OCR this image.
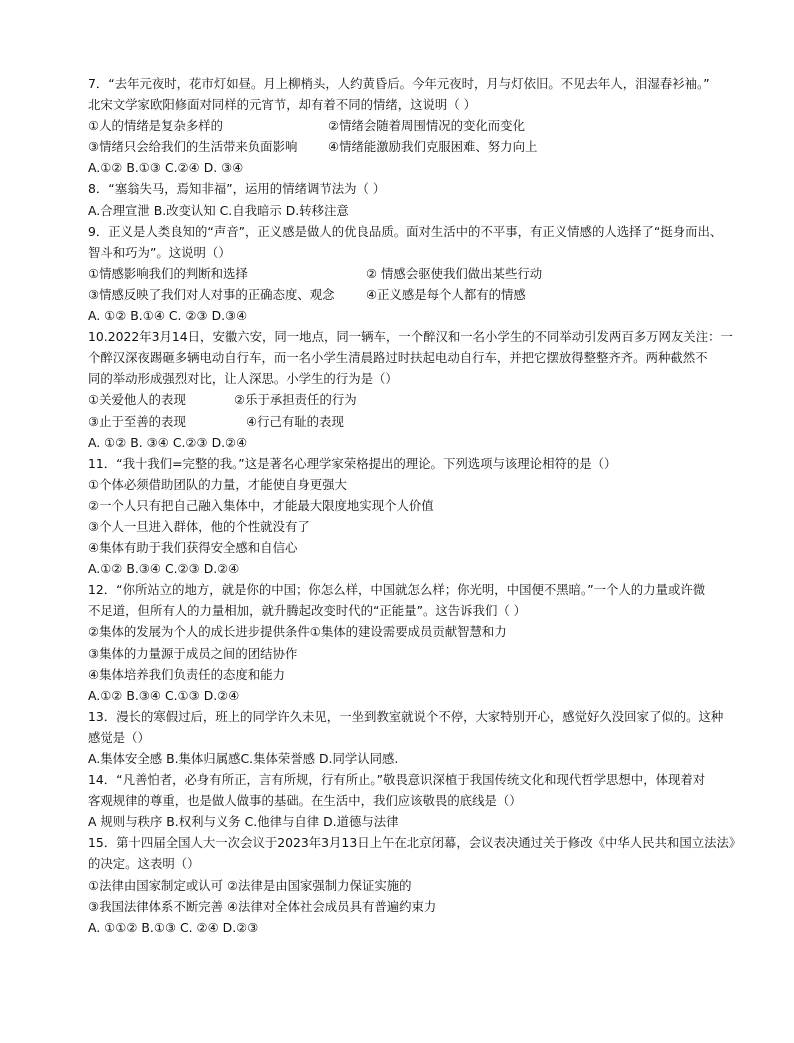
7．“去年元夜时，花市灯如昼。月上柳梢头，人约黄昏后。今年元夜时，月与灯依旧。不见去年人，泪湿春衫袖。”
北宋文学家欧阳修面对同样的元宵节，却有着不同的情绪，这说明（ ）
①人的情绪是复杂多样的	②情绪会随着周围情况的变化而变化
③情绪只会给我们的生活带来负面影响	④情绪能激励我们克服困难、努力向上
A.①② B.①③ C.②④ D. ③④
8．“塞翁失马，焉知非福”，运用的情绪调节法为（ ）
A.合理宣泄 B.改变认知 C.自我暗示 D.转移注意
9．正义是人类良知的“声音”，正义感是做人的优良品质。面对生活中的不平事，有正义情感的人选择了“挺身而出、
智斗和巧为”。这说明（）
①情感影响我们的判断和选择	② 情感会驱使我们做出某些行动
③情感反映了我们对人对事的正确态度、观念	④正义感是每个人都有的情感
A. ①② B.①④ C. ②③ D.③④
10.2022年3月14日，安徽六安，同一地点，同一辆车，一个醉汉和一名小学生的不同举动引发两百多万网友关注：一
个醉汉深夜踢砸多辆电动自行车，而一名小学生清晨路过时扶起电动自行车，并把它摆放得整整齐齐。两种截然不
同的举动形成强烈对比，让人深思。小学生的行为是（）
①关爱他人的表现	②乐于承担责任的行为
③止于至善的表现	④行己有耻的表现
A. ①② B. ③④ C.②③ D.②④
11．“我十我们=完整的我。”这是著名心理学家荣格提出的理论。下列选项与该理论相符的是（）
①个体必须借助团队的力量，才能使自身更强大
②一个人只有把自己融入集体中，才能最大限度地实现个人价值
③个人一旦进入群体，他的个性就没有了
④集体有助于我们获得安全感和自信心
A.①② B.③④ C.②③ D.②④
12．“你所站立的地方，就是你的中国；你怎么样，中国就怎么样；你光明，中国便不黑暗。”一个人的力量或许微
不足道，但所有人的力量相加，就升腾起改变时代的“正能量”。这告诉我们（ ）
②集体的发展为个人的成长进步提供条件①集体的建设需要成员贡献智慧和力
③集体的力量源于成员之间的团结协作
④集体培养我们负责任的态度和能力
A.①② B.③④ C.①③ D.②④
13．漫长的寒假过后，班上的同学许久未见，一坐到教室就说个不停，大家特别开心，感觉好久没回家了似的。这种
感觉是（）
A.集体安全感 B.集体归属感C.集体荣誉感 D.同学认同感.
14．“凡善怕者，必身有所正，言有所规，行有所止。”敬畏意识深植于我国传统文化和现代哲学思想中，体现着对
客观规律的尊重，也是做人做事的基础。在生活中，我们应该敬畏的底线是（）
A 规则与秩序 B.权利与义务 C.他律与自律 D.道德与法律
15．第十四届全国人大一次会议于2023年3月13日上午在北京闭幕，会议表决通过关于修改《中华人民共和国立法法》
的决定。这表明（）
①法律由国家制定或认可 ②法律是由国家强制力保证实施的
③我国法律体系不断完善 ④法律对全体社会成员具有普遍约束力
A. ①①② B.①③ C. ②④ D.②③
